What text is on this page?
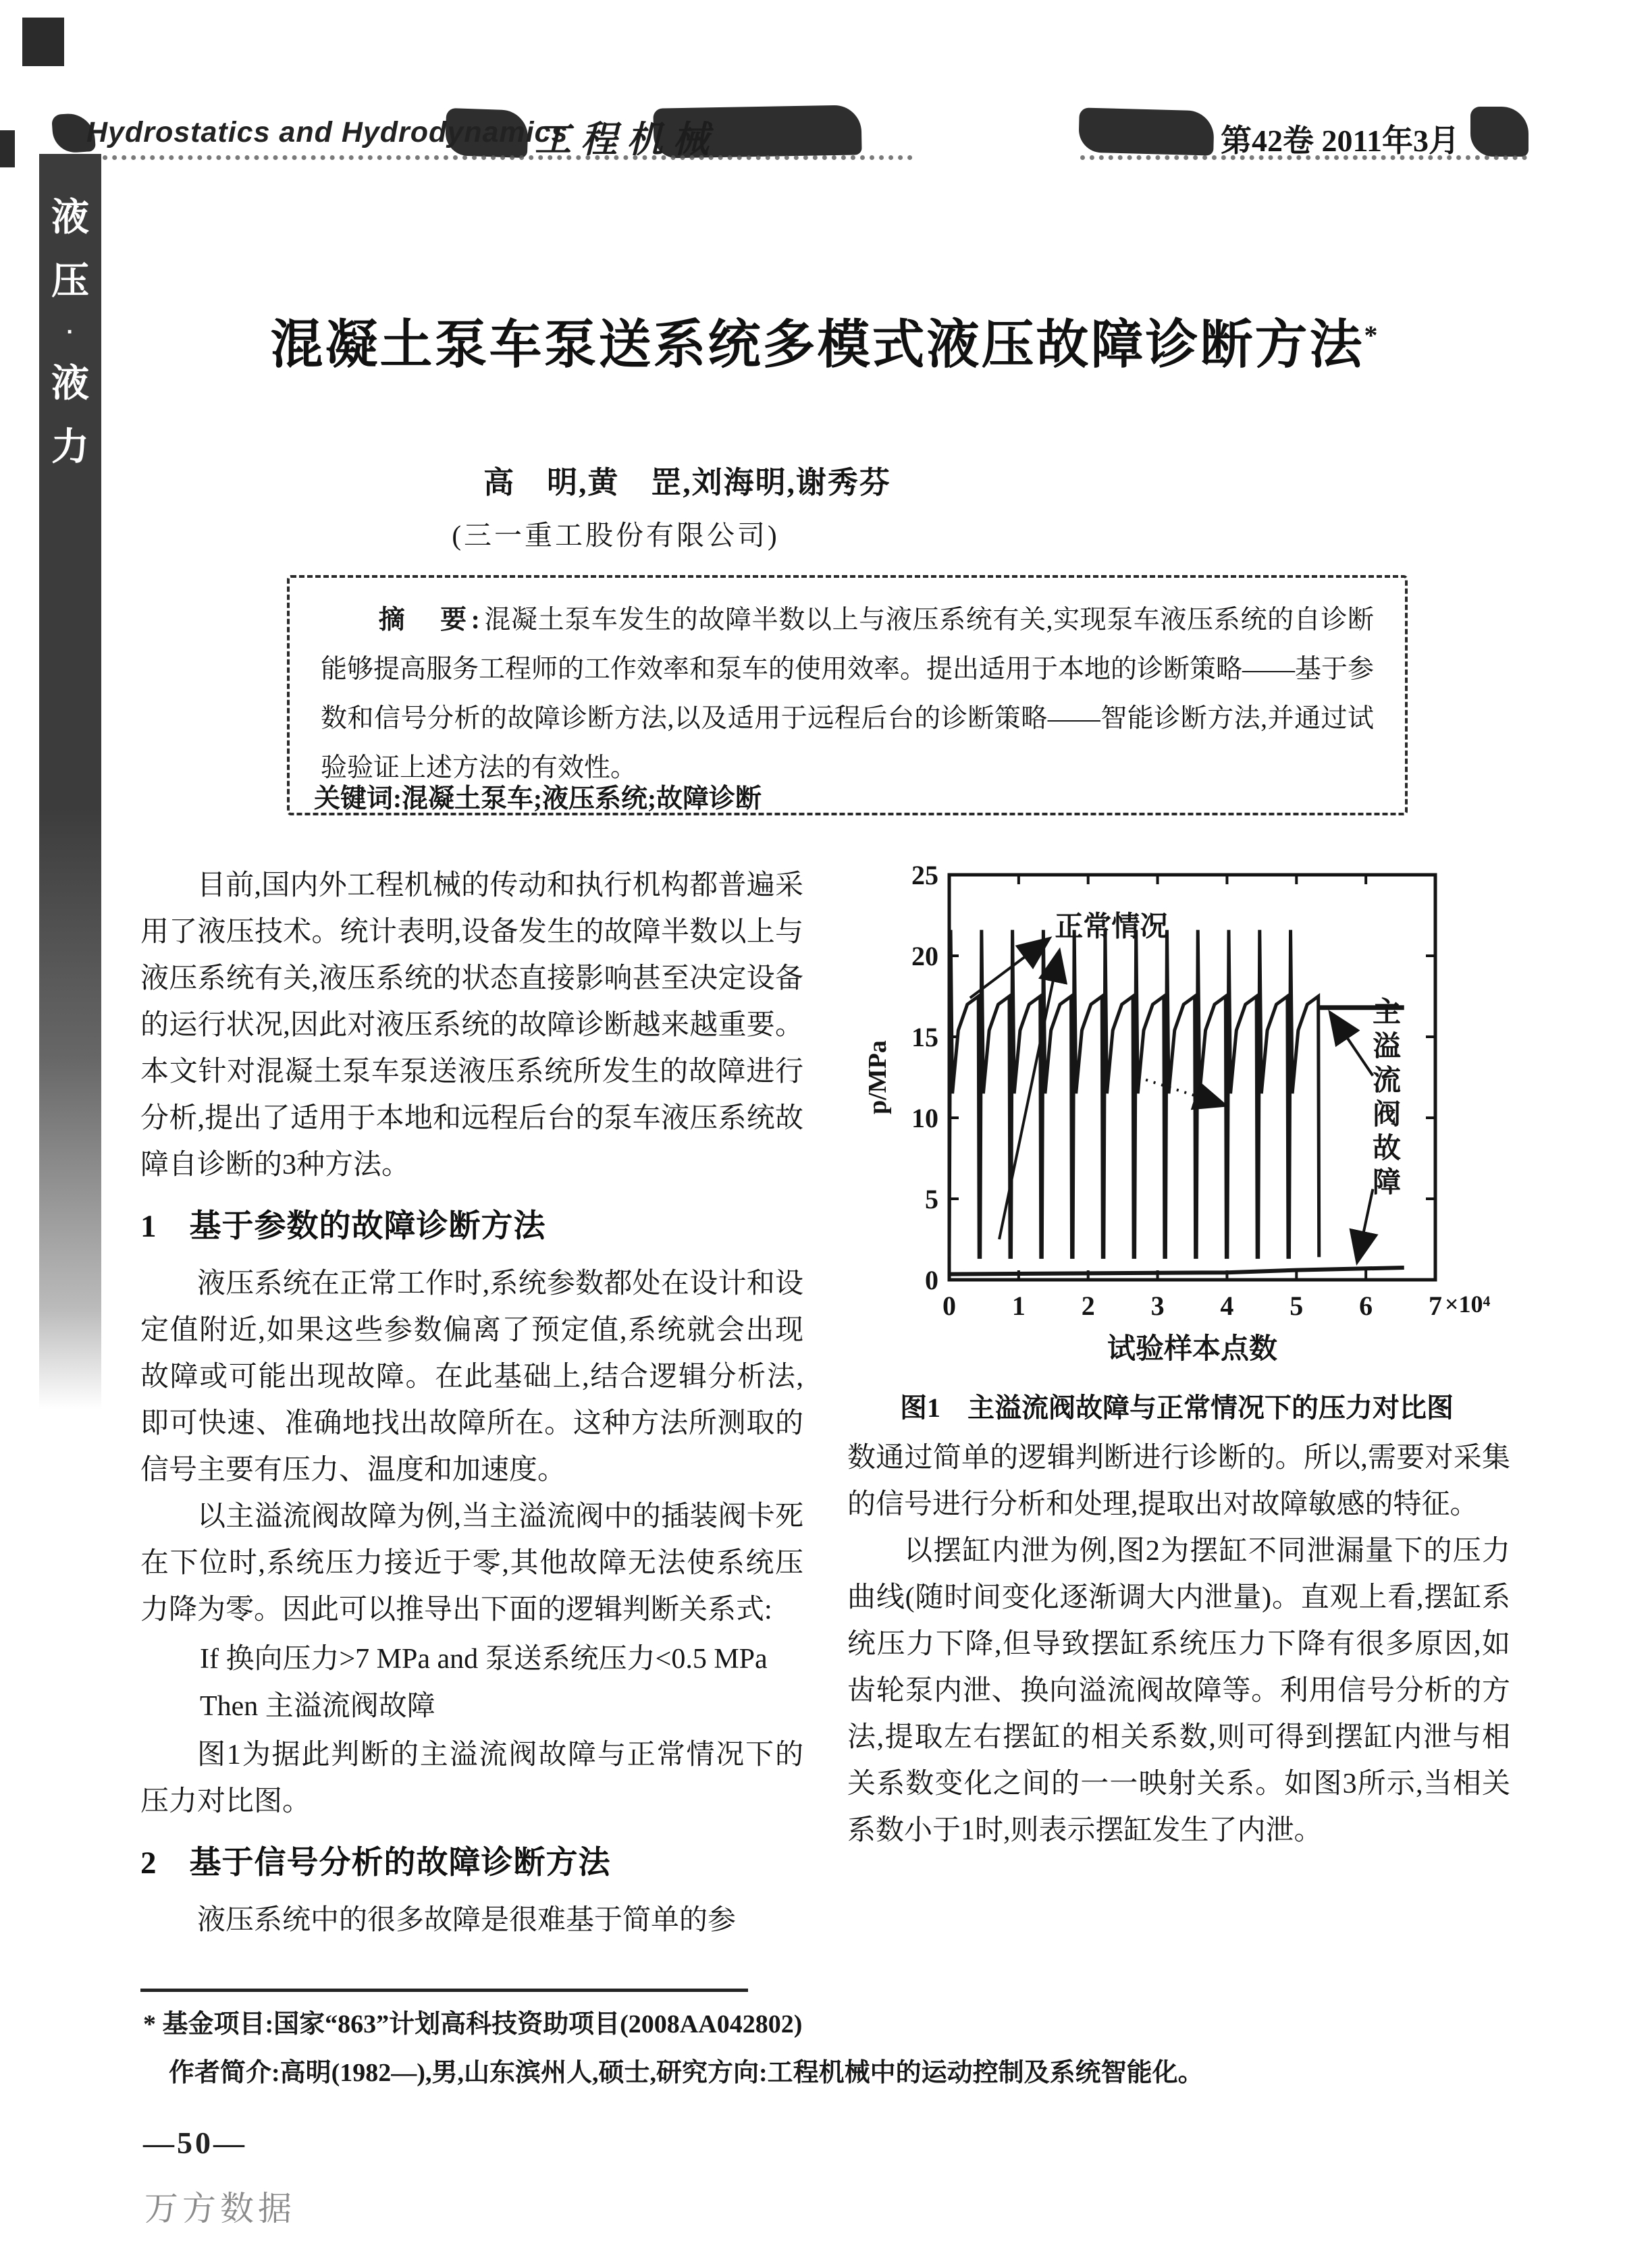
Hydrostatics and Hydrodynamics
工程机械	第42卷 2011年3月
液
压
·
液
力
混凝土泵车泵送系统多模式液压故障诊断方法*
高　明,黄　罡,刘海明,谢秀芬
(三一重工股份有限公司)

摘　要:混凝土泵车发生的故障半数以上与液压系统有关,实现泵车液压系统的自诊断能够提高服务工程师的工作效率和泵车的使用效率。提出适用于本地的诊断策略——基于参数和信号分析的故障诊断方法,以及适用于远程后台的诊断策略——智能诊断方法,并通过试验验证上述方法的有效性。

关键词:混凝土泵车;液压系统;故障诊断

目前,国内外工程机械的传动和执行机构都普遍采用了液压技术。统计表明,设备发生的故障半数以上与液压系统有关,液压系统的状态直接影响甚至决定设备的运行状况,因此对液压系统的故障诊断越来越重要。本文针对混凝土泵车泵送液压系统所发生的故障进行分析,提出了适用于本地和远程后台的泵车液压系统故障自诊断的3种方法。

1　基于参数的故障诊断方法

液压系统在正常工作时,系统参数都处在设计和设定值附近,如果这些参数偏离了预定值,系统就会出现故障或可能出现故障。在此基础上,结合逻辑分析法,即可快速、准确地找出故障所在。这种方法所测取的信号主要有压力、温度和加速度。

以主溢流阀故障为例,当主溢流阀中的插装阀卡死在下位时,系统压力接近于零,其他故障无法使系统压力降为零。因此可以推导出下面的逻辑判断关系式:

If 换向压力>7 MPa and 泵送系统压力<0.5 MPa

Then 主溢流阀故障

图1为据此判断的主溢流阀故障与正常情况下的压力对比图。

2　基于信号分析的故障诊断方法

液压系统中的很多故障是很难基于简单的参

0 1 2 3 4 5 6 7
0
5
10
15
20
25
p/MPa
×10⁴
试验样本点数
正常情况
主
溢
流
阀
故
障
图1　主溢流阀故障与正常情况下的压力对比图

数通过简单的逻辑判断进行诊断的。所以,需要对采集的信号进行分析和处理,提取出对故障敏感的特征。

以摆缸内泄为例,图2为摆缸不同泄漏量下的压力曲线(随时间变化逐渐调大内泄量)。直观上看,摆缸系统压力下降,但导致摆缸系统压力下降有很多原因,如齿轮泵内泄、换向溢流阀故障等。利用信号分析的方法,提取左右摆缸的相关系数,则可得到摆缸内泄与相关系数变化之间的一一映射关系。如图3所示,当相关系数小于1时,则表示摆缸发生了内泄。

* 基金项目:国家“863”计划高科技资助项目(2008AA042802)

作者简介:高明(1982—),男,山东滨州人,硕士,研究方向:工程机械中的运动控制及系统智能化。

—50—
万方数据
